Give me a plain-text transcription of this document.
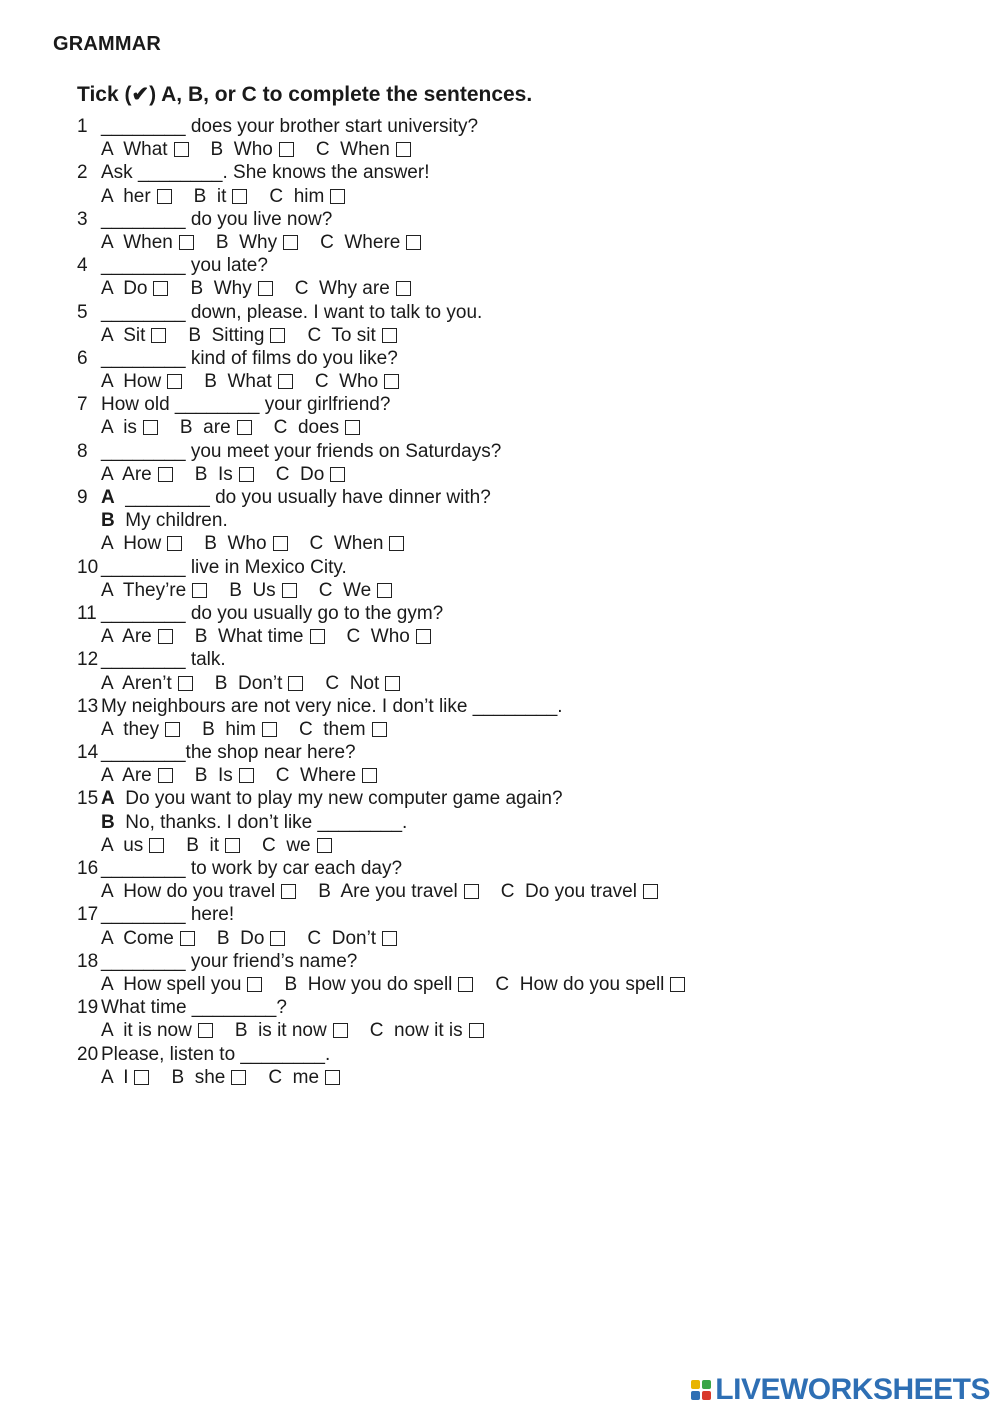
GRAMMAR
Tick (✔) A, B, or C to complete the sentences.
1 ________ does your brother start university?
A What B Who C When
2 Ask ________. She knows the answer!
A her B it C him
3 ________ do you live now?
A When B Why C Where
4 ________ you late?
A Do B Why C Why are
5 ________ down, please. I want to talk to you.
A Sit B Sitting C To sit
6 ________ kind of films do you like?
A How B What C Who
7 How old ________ your girlfriend?
A is B are C does
8 ________ you meet your friends on Saturdays?
A Are B Is C Do
9 A ________ do you usually have dinner with?
B My children.
A How B Who C When
10 ________ live in Mexico City.
A They’re B Us C We
11 ________ do you usually go to the gym?
A Are B What time C Who
12 ________ talk.
A Aren’t B Don’t C Not
13 My neighbours are not very nice. I don’t like ________.
A they B him C them
14 ________the shop near here?
A Are B Is C Where
15 A Do you want to play my new computer game again?
B No, thanks. I don’t like ________.
A us B it C we
16 ________ to work by car each day?
A How do you travel B Are you travel C Do you travel
17 ________ here!
A Come B Do C Don’t
18 ________ your friend’s name?
A How spell you B How you do spell C How do you spell
19 What time ________?
A it is now B is it now C now it is
20 Please, listen to ________.
A I B she C me
LIVEWORKSHEETS
